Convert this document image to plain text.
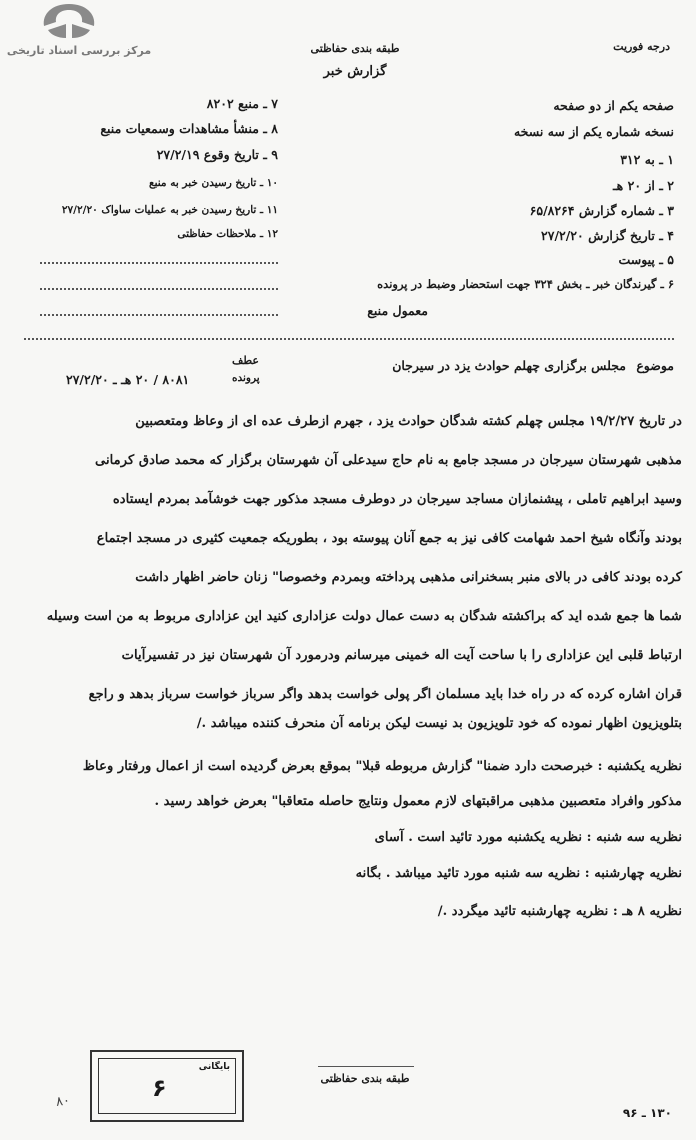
مرکز بررسی اسناد تاریخی	طبقه بندی حفاظتی
گزارش خبر
درجه فوریت
۷ ـ منبع ۸۲۰۲
۸ ـ منشأ مشاهدات وسمعیات منبع
۹ ـ تاریخ وقوع ۲۷/۲/۱۹
۱۰ ـ تاریخ رسیدن خبر به منبع
۱۱ ـ تاریخ رسیدن خبر به عملیات ساواک ۲۷/۲/۲۰
۱۲ ـ ملاحظات حفاظتی
صفحه یکم از دو صفحه
نسخه شماره یکم از سه نسخه
۱ ـ به ۳۱۲
۲ ـ از ۲۰ هـ
۳ ـ شماره گزارش ۶۵/۸۲۶۴
۴ ـ تاریخ گزارش ۲۷/۲/۲۰
۵ ـ پیوست
۶ ـ گیرندگان خبر ـ بخش ۳۲۴ جهت استحضار وضبط در پرونده
معمول منبع
موضوع
مجلس برگزاری چهلم حوادث یزد در سیرجان
عطف
پرونده
۸۰۸۱ / ۲۰ هـ ـ ۲۷/۲/۲۰
در تاریخ ۱۹/۲/۲۷ مجلس چهلم کشته شدگان حوادث یزد ، جهرم ازطرف عده ای از وعاظ ومتعصبین
مذهبی شهرستان سیرجان در مسجد جامع به نام حاج سیدعلی آن شهرستان برگزار که محمد صادق کرمانی
وسید ابراهیم تاملی ، پیشنمازان مساجد سیرجان در دوطرف مسجد مذکور جهت خوشآمد بمردم ایستاده
بودند وآنگاه شیخ احمد شهامت کافی نیز به جمع آنان پیوسته بود ، بطوریکه جمعیت کثیری در مسجد اجتماع
کرده بودند کافی در بالای منبر بسخنرانی مذهبی پرداخته وبمردم وخصوصا" زنان حاضر اظهار داشت
شما ها جمع شده اید که براکشته شدگان به دست عمال دولت عزاداری کنید این عزاداری مربوط به من است وسیله
ارتباط قلبی این عزاداری را با ساحت آیت اله خمینی میرسانم ودرمورد آن شهرستان نیز در تفسیرآیات
قران اشاره کرده که در راه خدا باید مسلمان اگر پولی خواست بدهد واگر سرباز خواست سرباز بدهد و راجع
بتلویزیون اظهار نموده که خود تلویزیون بد نیست لیکن برنامه آن منحرف کننده میباشد ./
نظریه یکشنبه : خبرصحت دارد ضمنا" گزارش مربوطه قبلا" بموقع بعرض گردیده است از اعمال ورفتار وعاظ
مذکور وافراد متعصبین مذهبی مراقبتهای لازم معمول ونتایج حاصله متعاقبا" بعرض خواهد رسید .
نظریه سه شنبه : نظریه یکشنبه مورد تائید است . آسای
نظریه چهارشنبه : نظریه سه شنبه مورد تائید میباشد . بگانه
نظریه ۸ هـ : نظریه چهارشنبه تائید میگردد ./
بایگانی
۶
۸۰
طبقه بندی حفاظتی
۱۳۰ ـ ۹۶
